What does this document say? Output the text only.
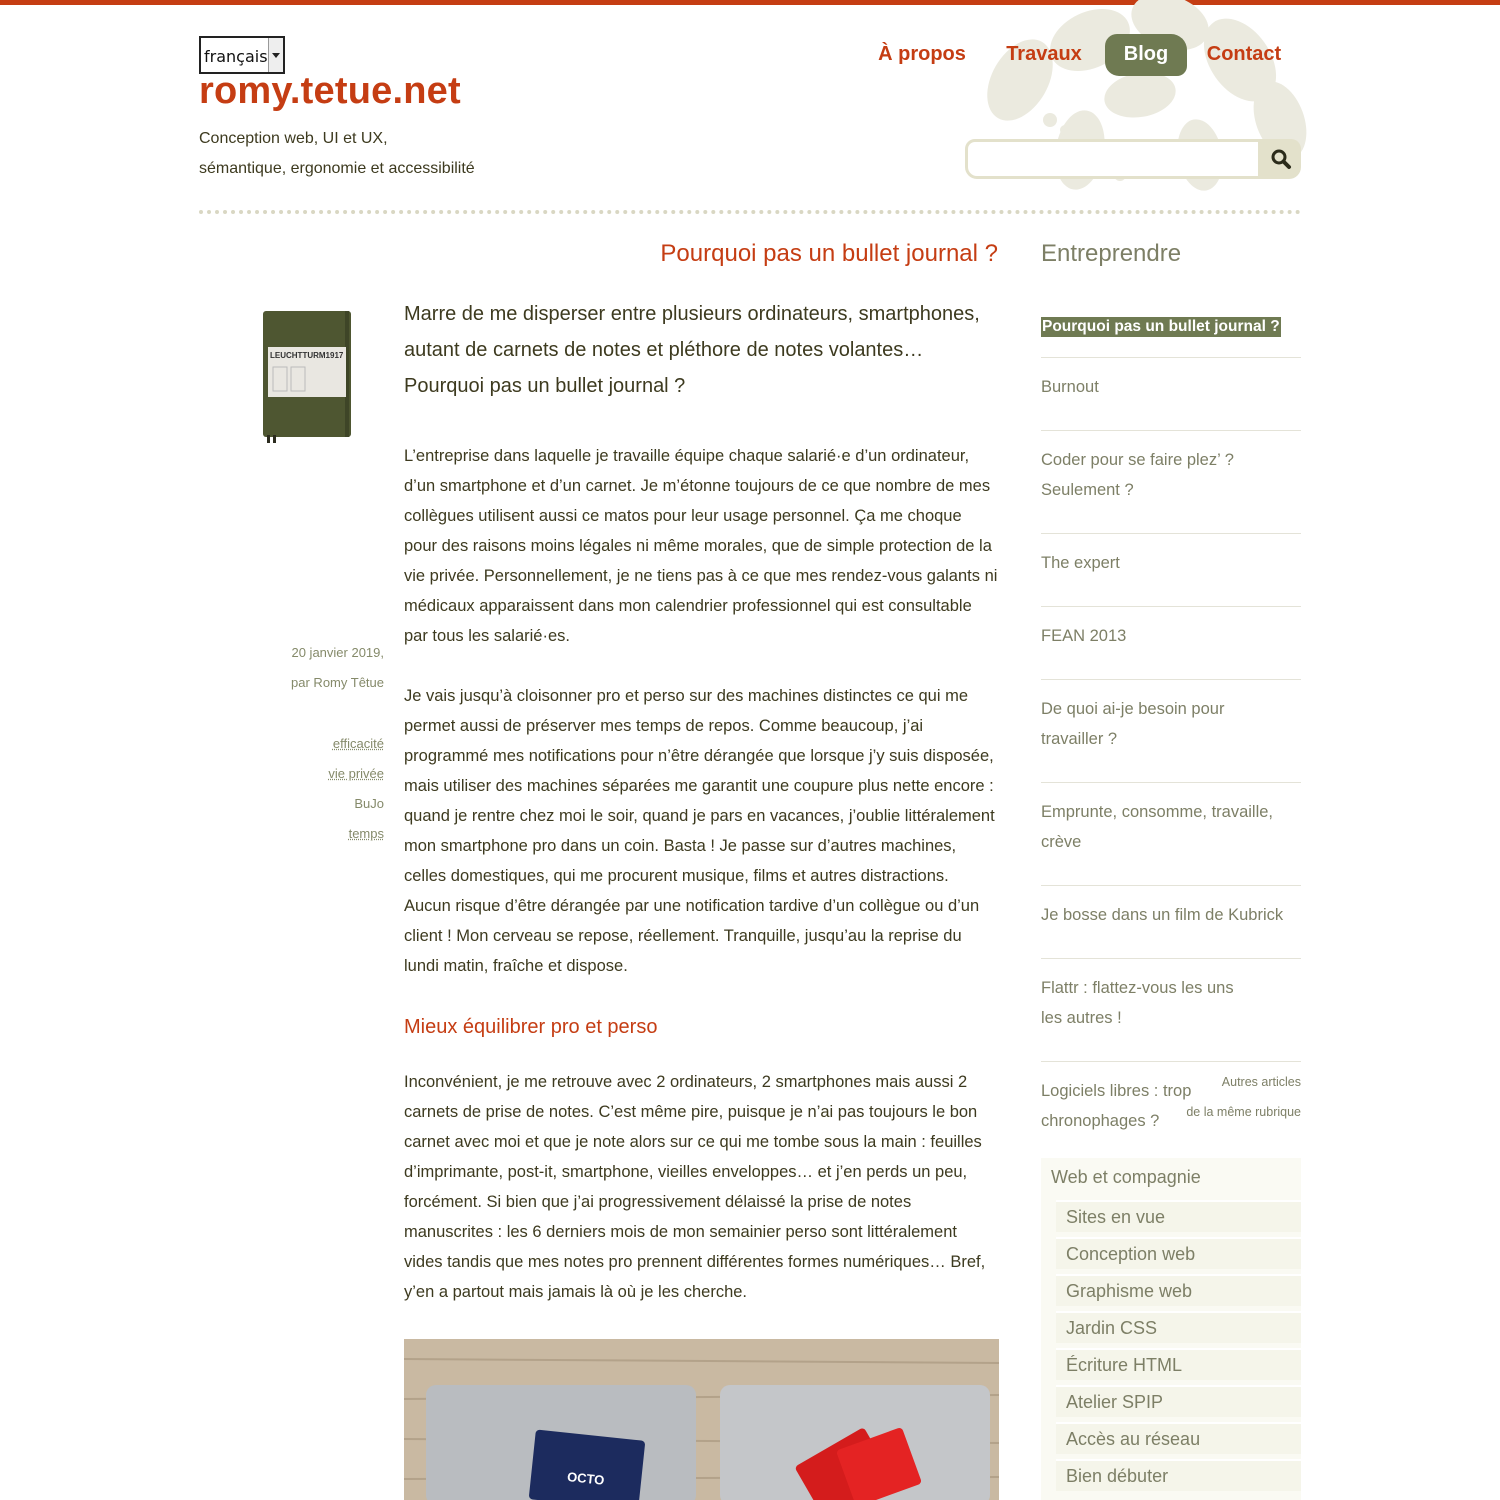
français
romy.tetue.net
Conception web, UI et UX,
sémantique, ergonomie et accessibilité
À propos Travaux	Blog	Contact
Pourquoi pas un bullet journal ?
LEUCHTTURM1917

Marre de me disperser entre plusieurs ordinateurs, smartphones, autant de carnets de notes et pléthore de notes volantes… Pourquoi pas un bullet journal ?

L’entreprise dans laquelle je travaille équipe chaque salarié·e d’un ordinateur, d’un smartphone et d’un carnet. Je m’étonne toujours de ce que nombre de mes collègues utilisent aussi ce matos pour leur usage personnel. Ça me choque pour des raisons moins légales ni même morales, que de simple protection de la vie privée. Personnellement, je ne tiens pas à ce que mes rendez-vous galants ni médicaux apparaissent dans mon calendrier professionnel qui est consultable par tous les salarié·es.

Je vais jusqu’à cloisonner pro et perso sur des machines distinctes ce qui me permet aussi de préserver mes temps de repos. Comme beaucoup, j’ai programmé mes notifications pour n’être dérangée que lorsque j’y suis disposée, mais utiliser des machines séparées me garantit une coupure plus nette encore : quand je rentre chez moi le soir, quand je pars en vacances, j’oublie littéralement mon smartphone pro dans un coin. Basta ! Je passe sur d’autres machines, celles domestiques, qui me procurent musique, films et autres distractions. Aucun risque d’être dérangée par une notification tardive d’un collègue ou d’un client ! Mon cerveau se repose, réellement. Tranquille, jusqu’au la reprise du lundi matin, fraîche et dispose.

Mieux équilibrer pro et perso

Inconvénient, je me retrouve avec 2 ordinateurs, 2 smartphones mais aussi 2 carnets de prise de notes. C’est même pire, puisque je n’ai pas toujours le bon carnet avec moi et que je note alors sur ce qui me tombe sous la main : feuilles d’imprimante, post-it, smartphone, vieilles enveloppes… et j’en perds un peu, forcément. Si bien que j’ai progressivement délaissé la prise de notes manuscrites : les 6 derniers mois de mon semainier perso sont littéralement vides tandis que mes notes pro prennent différentes formes numériques… Bref, y’en a partout mais jamais là où je les cherche.

20 janvier 2019,
par Romy Têtue
efficacité
vie privée
BuJo
temps
OCTO
Entreprendre
Pourquoi pas un bullet journal ?
Burnout
Coder pour se faire plez’ ? Seulement ?
The expert
FEAN 2013
De quoi ai-je besoin pour travailler ?
Emprunte, consomme, travaille, crève
Je bosse dans un film de Kubrick
Flattr : flattez-vous les uns les autres !
Logiciels libres : trop chronophages ?
Autres articles
de la même rubrique
Web et compagnie
Sites en vue
Conception web
Graphisme web
Jardin CSS
Écriture HTML
Atelier SPIP
Accès au réseau
Bien débuter
